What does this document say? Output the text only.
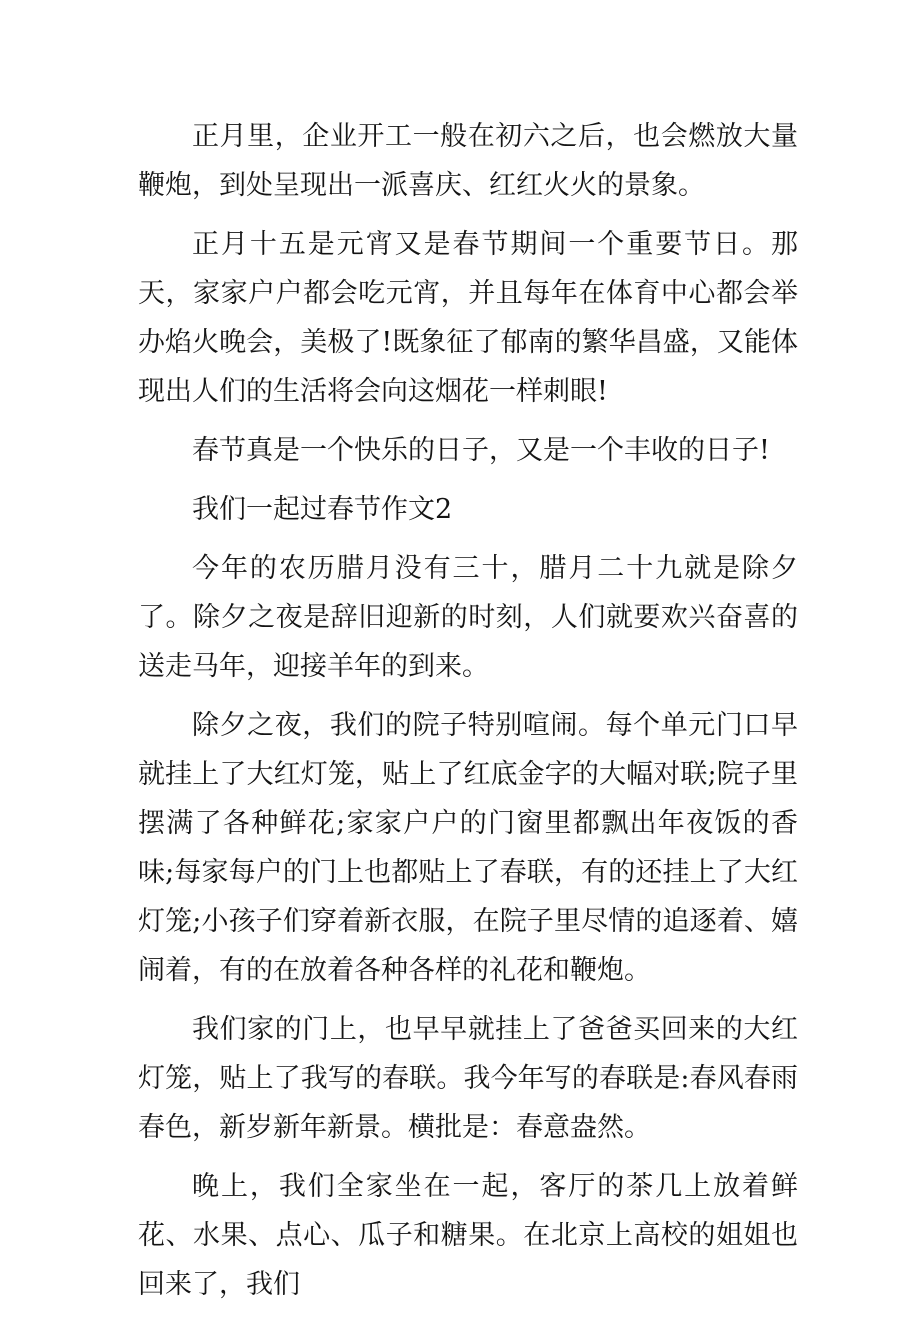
正月里，企业开工一般在初六之后，也会燃放大量鞭炮，到处呈现出一派喜庆、红红火火的景象。

正月十五是元宵又是春节期间一个重要节日。那天，家家户户都会吃元宵，并且每年在体育中心都会举办焰火晚会，美极了!既象征了郁南的繁华昌盛，又能体现出人们的生活将会向这烟花一样刺眼!

春节真是一个快乐的日子，又是一个丰收的日子!

我们一起过春节作文2

今年的农历腊月没有三十，腊月二十九就是除夕了。除夕之夜是辞旧迎新的时刻，人们就要欢兴奋喜的送走马年，迎接羊年的到来。

除夕之夜，我们的院子特别喧闹。每个单元门口早就挂上了大红灯笼，贴上了红底金字的大幅对联;院子里摆满了各种鲜花;家家户户的门窗里都飘出年夜饭的香味;每家每户的门上也都贴上了春联，有的还挂上了大红灯笼;小孩子们穿着新衣服，在院子里尽情的追逐着、嬉闹着，有的在放着各种各样的礼花和鞭炮。

我们家的门上，也早早就挂上了爸爸买回来的大红灯笼，贴上了我写的春联。我今年写的春联是:春风春雨春色，新岁新年新景。横批是：春意盎然。

晚上，我们全家坐在一起，客厅的茶几上放着鲜花、水果、点心、瓜子和糖果。在北京上高校的姐姐也回来了，我们
